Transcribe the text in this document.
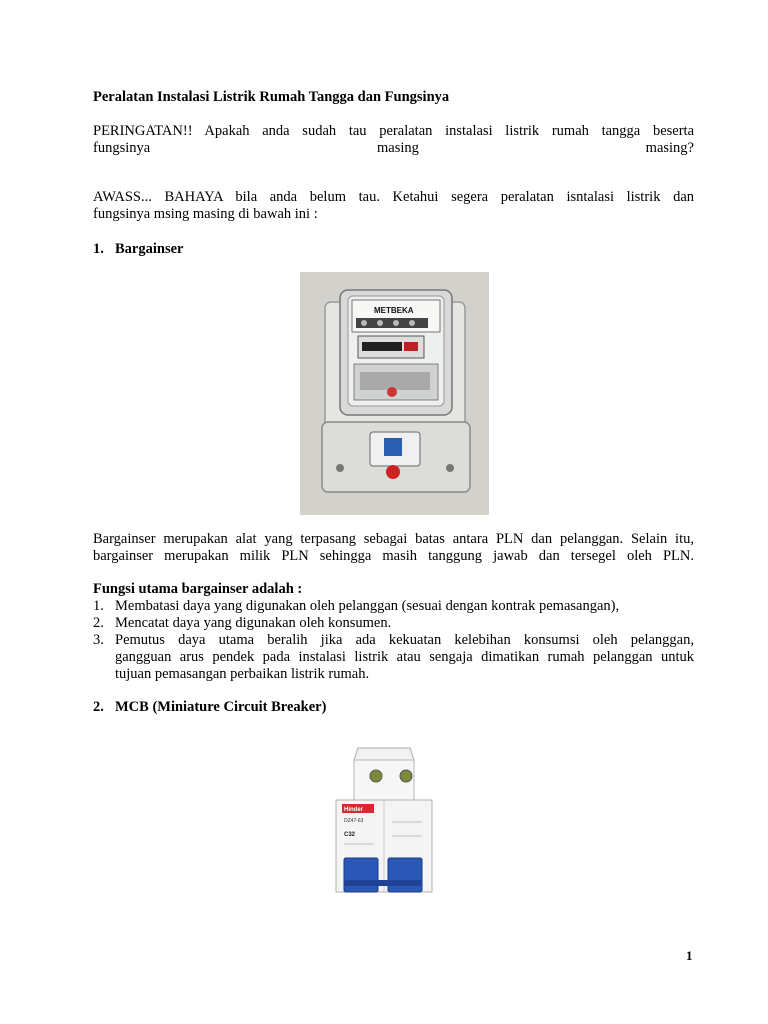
Peralatan Instalasi Listrik Rumah Tangga dan Fungsinya
PERINGATAN!! Apakah anda sudah tau peralatan instalasi listrik rumah tangga beserta
fungsinya	masing	masing?
AWASS... BAHAYA bila anda belum tau. Ketahui segera peralatan isntalasi listrik dan
fungsinya msing masing di bawah ini :
1. Bargainser
METBEKA
Bargainser merupakan alat yang terpasang sebagai batas antara PLN dan pelanggan. Selain itu,
bargainser merupakan milik PLN sehingga masih tanggung jawab dan tersegel oleh PLN.
Fungsi utama bargainser adalah :
1. Membatasi daya yang digunakan oleh pelanggan (sesuai dengan kontrak pemasangan),
2. Mencatat daya yang digunakan oleh konsumen.
3. Pemutus daya utama beralih jika ada kekuatan kelebihan konsumsi oleh pelanggan,
gangguan arus pendek pada instalasi listrik atau sengaja dimatikan rumah pelanggan untuk
tujuan pemasangan perbaikan listrik rumah.
2. MCB (Miniature Circuit Breaker)
Hinder
DZ47-63
C32
1
